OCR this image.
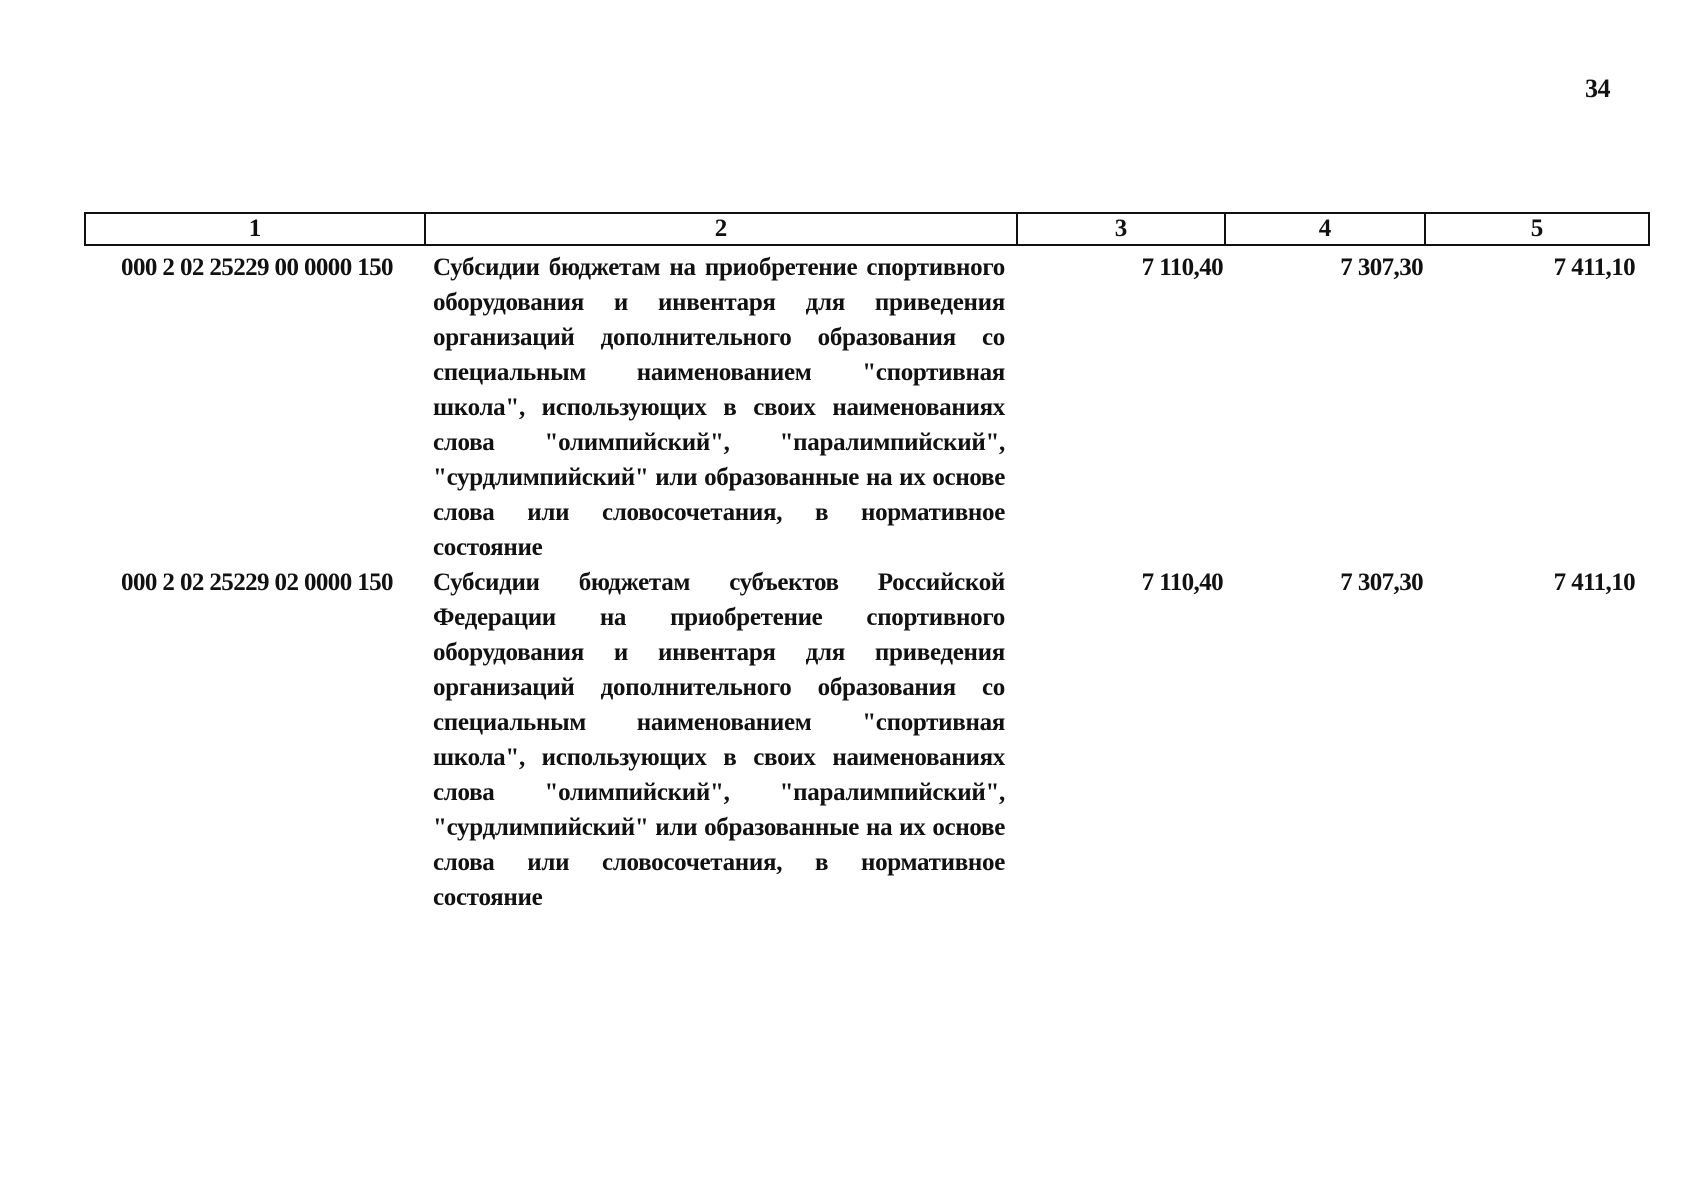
34
1	2	3	4	5
000 2 02 25229 00 0000 150	Субсидии бюджетам на приобретение спортивного оборудования и инвентаря для приведения организаций дополнительного образования со специальным наименованием "спортивная школа", использующих в своих наименованиях слова "олимпийский", "паралимпийский", "сурдлимпийский" или образованные на их основе слова или словосочетания, в нормативное состояние	7 110,40	7 307,30	7 411,10
000 2 02 25229 02 0000 150	Субсидии бюджетам субъектов Российской Федерации на приобретение спортивного оборудования и инвентаря для приведения организаций дополнительного образования со специальным наименованием "спортивная школа", использующих в своих наименованиях слова "олимпийский", "паралимпийский", "сурдлимпийский" или образованные на их основе слова или словосочетания, в нормативное состояние	7 110,40	7 307,30	7 411,10
